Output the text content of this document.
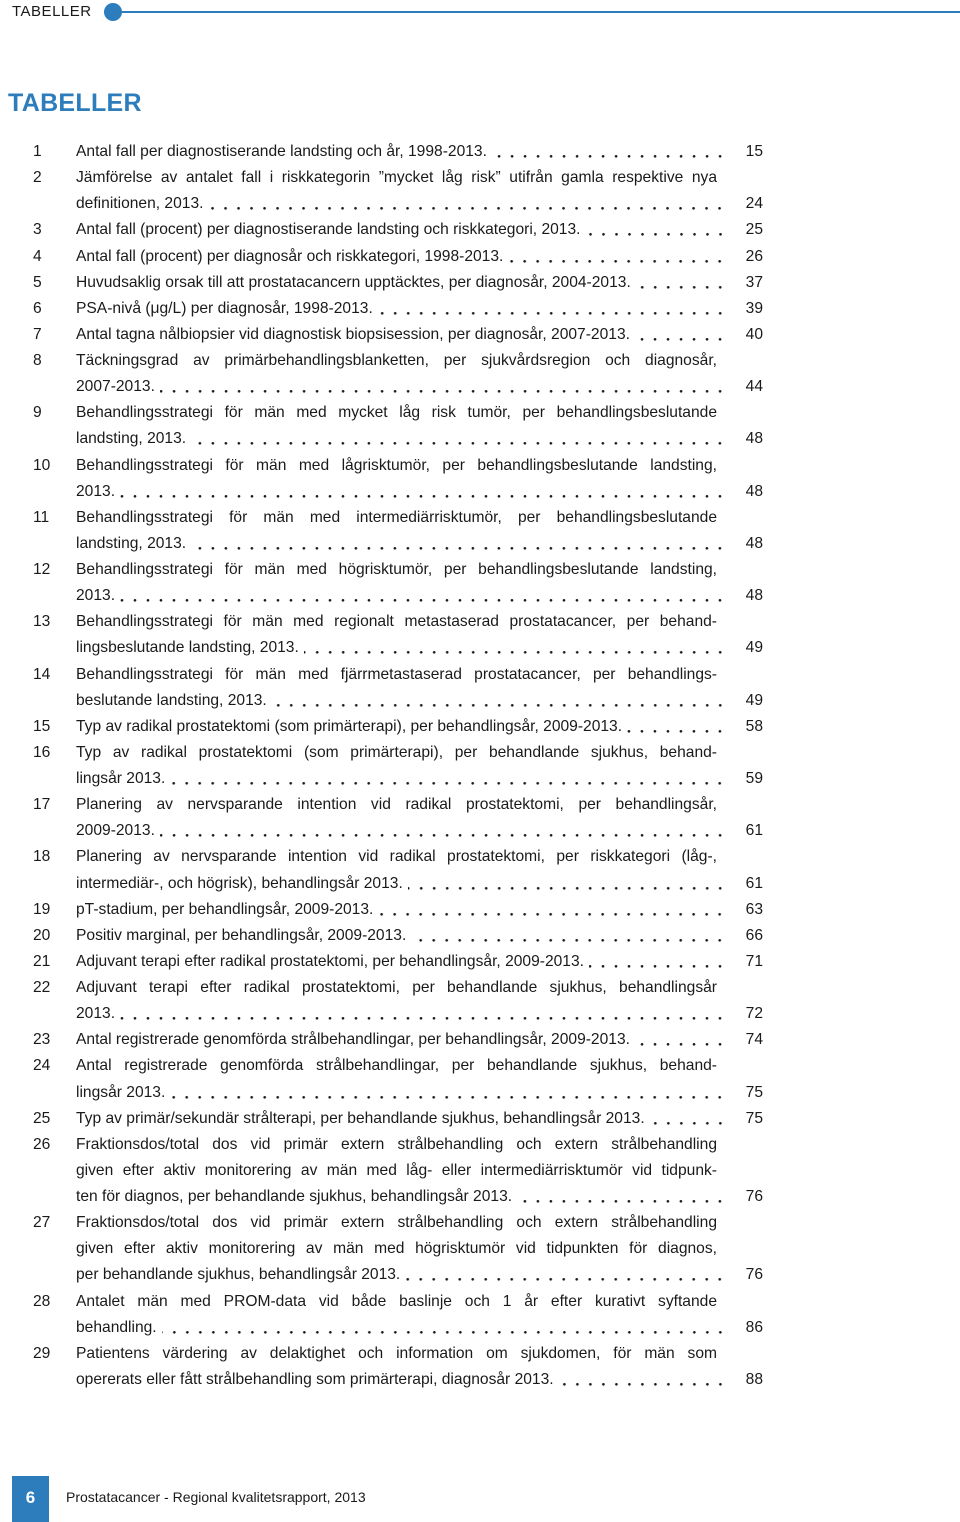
TABELLER
TABELLER
1	Antal fall per diagnostiserande landsting och år, 1998-2013.	15
2	Jämförelse av antalet fall i riskkategorin ”mycket låg risk” utifrån gamla respektive nya
definitionen, 2013.	24
3	Antal fall (procent) per diagnostiserande landsting och riskkategori, 2013.	25
4	Antal fall (procent) per diagnosår och riskkategori, 1998-2013.	26
5	Huvudsaklig orsak till att prostatacancern upptäcktes, per diagnosår, 2004-2013.	37
6	PSA-nivå (μg/L) per diagnosår, 1998-2013.	39
7	Antal tagna nålbiopsier vid diagnostisk biopsisession, per diagnosår, 2007-2013.	40
8	Täckningsgrad av primärbehandlingsblanketten, per sjukvårdsregion och diagnosår,
2007-2013.	44
9	Behandlingsstrategi för män med mycket låg risk tumör, per behandlingsbeslutande
landsting, 2013.	48
10	Behandlingsstrategi för män med lågrisktumör, per behandlingsbeslutande landsting,
2013.	48
11	Behandlingsstrategi för män med intermediärrisktumör, per behandlingsbeslutande
landsting, 2013.	48
12	Behandlingsstrategi för män med högrisktumör, per behandlingsbeslutande landsting,
2013.	48
13	Behandlingsstrategi för män med regionalt metastaserad prostatacancer, per behand-
lingsbeslutande landsting, 2013.	49
14	Behandlingsstrategi för män med fjärrmetastaserad prostatacancer, per behandlings-
beslutande landsting, 2013.	49
15	Typ av radikal prostatektomi (som primärterapi), per behandlingsår, 2009-2013.	58
16	Typ av radikal prostatektomi (som primärterapi), per behandlande sjukhus, behand-
lingsår 2013.	59
17	Planering av nervsparande intention vid radikal prostatektomi, per behandlingsår,
2009-2013.	61
18	Planering av nervsparande intention vid radikal prostatektomi, per riskkategori (låg-,
intermediär-, och högrisk), behandlingsår 2013.	61
19	pT-stadium, per behandlingsår, 2009-2013.	63
20	Positiv marginal, per behandlingsår, 2009-2013.	66
21	Adjuvant terapi efter radikal prostatektomi, per behandlingsår, 2009-2013.	71
22	Adjuvant terapi efter radikal prostatektomi, per behandlande sjukhus, behandlingsår
2013.	72
23	Antal registrerade genomförda strålbehandlingar, per behandlingsår, 2009-2013.	74
24	Antal registrerade genomförda strålbehandlingar, per behandlande sjukhus, behand-
lingsår 2013.	75
25	Typ av primär/sekundär strålterapi, per behandlande sjukhus, behandlingsår 2013.	75
26	Fraktionsdos/total dos vid primär extern strålbehandling och extern strålbehandling
given efter aktiv monitorering av män med låg- eller intermediärrisktumör vid tidpunk-
ten för diagnos, per behandlande sjukhus, behandlingsår 2013.	76
27	Fraktionsdos/total dos vid primär extern strålbehandling och extern strålbehandling
given efter aktiv monitorering av män med högrisktumör vid tidpunkten för diagnos,
per behandlande sjukhus, behandlingsår 2013.	76
28	Antalet män med PROM-data vid både baslinje och 1 år efter kurativt syftande
behandling.	86
29	Patientens värdering av delaktighet och information om sjukdomen, för män som
opererats eller fått strålbehandling som primärterapi, diagnosår 2013.	88
6	Prostatacancer - Regional kvalitetsrapport, 2013
